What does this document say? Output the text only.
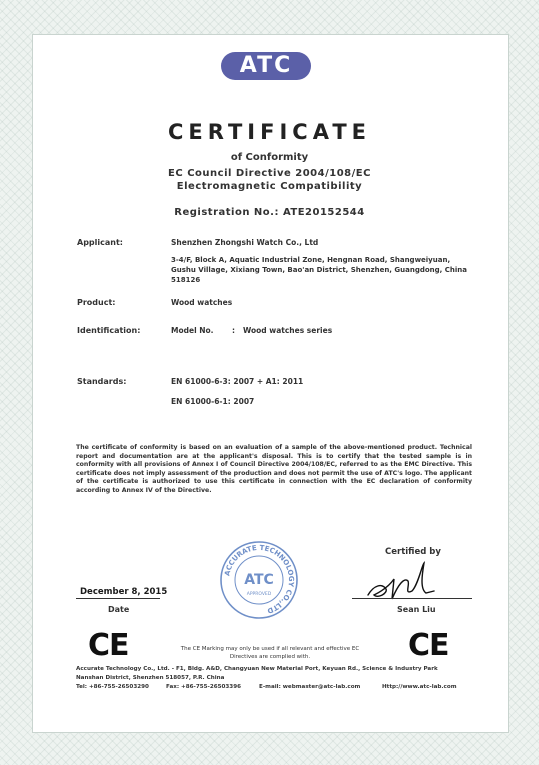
ATC
CERTIFICATE
of Conformity
EC Council Directive 2004/108/EC
Electromagnetic Compatibility
Registration No.: ATE20152544
Applicant:	Shenzhen Zhongshi Watch Co., Ltd
3-4/F, Block A, Aquatic Industrial Zone, Hengnan Road, Shangweiyuan, Gushu Village, Xixiang Town, Bao'an District, Shenzhen, Guangdong, China 518126
Product:	Wood watches
Identification:	Model No. : Wood watches series
Standards:	EN 61000-6-3: 2007 + A1: 2011
EN 61000-6-1: 2007
The certificate of conformity is based on an evaluation of a sample of the above-mentioned product. Technical report and documentation are at the applicant's disposal. This is to certify that the tested sample is in conformity with all provisions of Annex I of Council Directive 2004/108/EC, referred to as the EMC Directive. This certificate does not imply assessment of the production and does not permit the use of ATC's logo. The applicant of the certificate is authorized to use this certificate in connection with the EC declaration of conformity according to Annex IV of the Directive.
Certified by
ACCURATE TECHNOLOGY CO.,LTD
ATC
APPROVED
December 8, 2015
Date	Sean Liu
CE	CE
The CE Marking may only be used if all relevant and effective EC
Directives are complied with.
Accurate Technology Co., Ltd. - F1, Bldg. A&D, Changyuan New Material Port, Keyuan Rd., Science & Industry Park
Nanshan District, Shenzhen 518057, P.R. China
Tel: +86-755-26503290	Fax: +86-755-26503396	E-mail: webmaster@atc-lab.com	Http://www.atc-lab.com
